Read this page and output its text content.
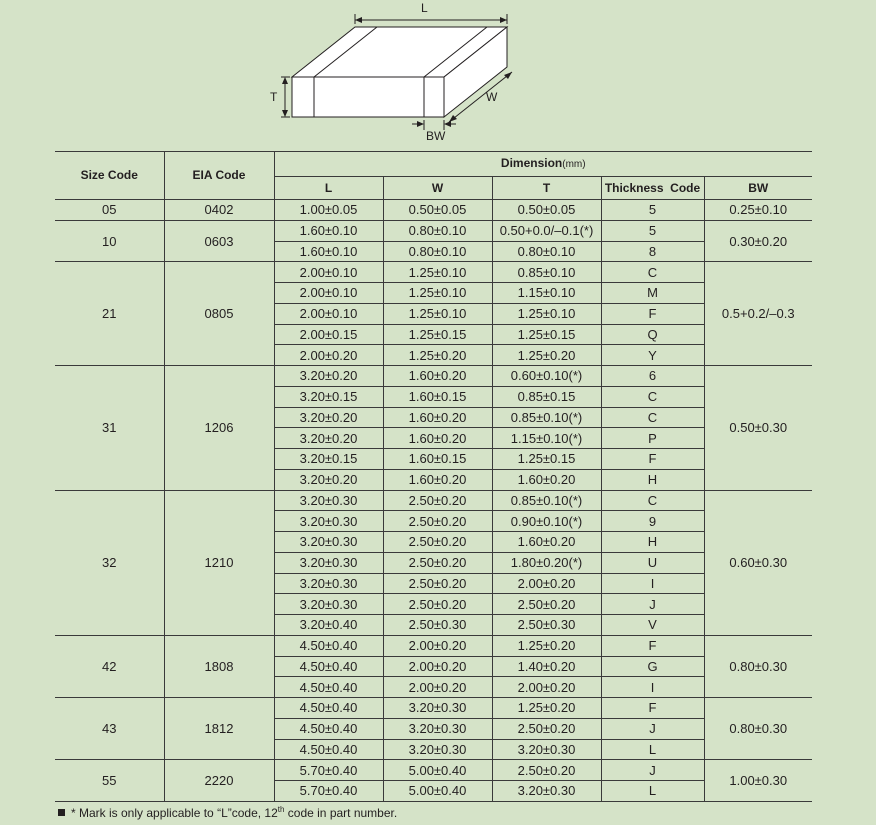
L
T	W
BW
Size Code	EIA Code	Dimension(mm)				
		L	W	T	Thickness  Code	BW
05	0402	1.00±0.05	0.50±0.05	0.50±0.05	5	0.25±0.10
10	0603	1.60±0.10	0.80±0.10	0.50+0.0/–0.1(*)	5	0.30±0.20
		1.60±0.10	0.80±0.10	0.80±0.10	8	
21	0805	2.00±0.10	1.25±0.10	0.85±0.10	C	0.5+0.2/–0.3
		2.00±0.10	1.25±0.10	1.15±0.10	M	
		2.00±0.10	1.25±0.10	1.25±0.10	F	
		2.00±0.15	1.25±0.15	1.25±0.15	Q	
		2.00±0.20	1.25±0.20	1.25±0.20	Y	
31	1206	3.20±0.20	1.60±0.20	0.60±0.10(*)	6	0.50±0.30
		3.20±0.15	1.60±0.15	0.85±0.15	C	
		3.20±0.20	1.60±0.20	0.85±0.10(*)	C	
		3.20±0.20	1.60±0.20	1.15±0.10(*)	P	
		3.20±0.15	1.60±0.15	1.25±0.15	F	
		3.20±0.20	1.60±0.20	1.60±0.20	H	
32	1210	3.20±0.30	2.50±0.20	0.85±0.10(*)	C	0.60±0.30
		3.20±0.30	2.50±0.20	0.90±0.10(*)	9	
		3.20±0.30	2.50±0.20	1.60±0.20	H	
		3.20±0.30	2.50±0.20	1.80±0.20(*)	U	
		3.20±0.30	2.50±0.20	2.00±0.20	I	
		3.20±0.30	2.50±0.20	2.50±0.20	J	
		3.20±0.40	2.50±0.30	2.50±0.30	V	
42	1808	4.50±0.40	2.00±0.20	1.25±0.20	F	0.80±0.30
		4.50±0.40	2.00±0.20	1.40±0.20	G	
		4.50±0.40	2.00±0.20	2.00±0.20	I	
43	1812	4.50±0.40	3.20±0.30	1.25±0.20	F	0.80±0.30
		4.50±0.40	3.20±0.30	2.50±0.20	J	
		4.50±0.40	3.20±0.30	3.20±0.30	L	
55	2220	5.70±0.40	5.00±0.40	2.50±0.20	J	1.00±0.30
		5.70±0.40	5.00±0.40	3.20±0.30	L	
* Mark is only applicable to “L”code, 12th code in part number.
